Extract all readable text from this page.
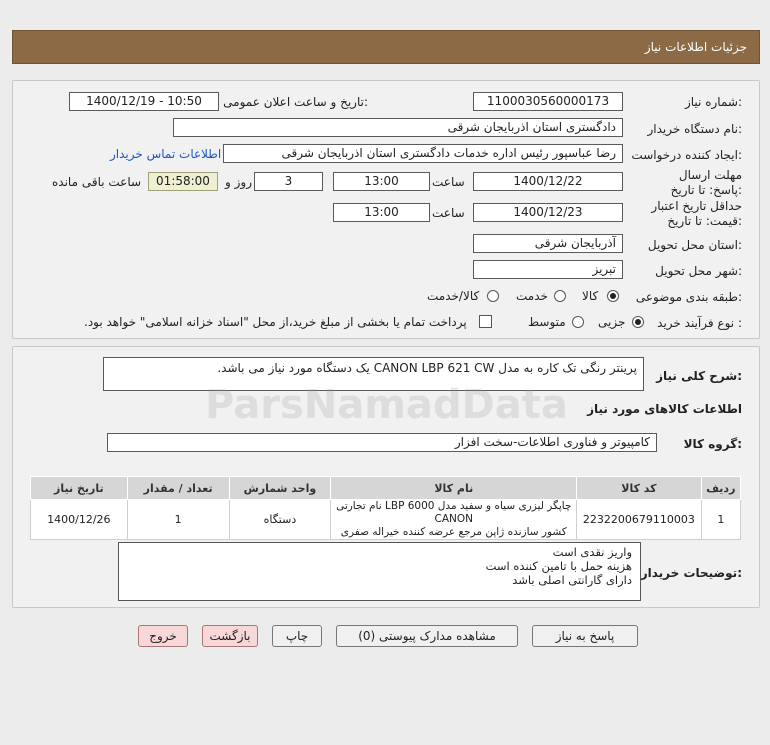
جزئیات اطلاعات نیاز
شماره نیاز:
1100030560000173
تاریخ و ساعت اعلان عمومی:
1400/12/19 - 10:50
نام دستگاه خریدار:
دادگستری استان اذربایجان شرقی
ایجاد کننده درخواست:
رضا عباسپور رئیس اداره خدمات دادگستری استان اذربایجان شرقی
اطلاعات تماس خریدار
مهلت ارسال پاسخ: تا تاریخ:
1400/12/22
ساعت
13:00
3
روز و
01:58:00
ساعت باقی مانده
حداقل تاریخ اعتبار قیمت: تا تاریخ:
1400/12/23
ساعت
13:00
استان محل تحویل:
آذربایجان شرقی
شهر محل تحویل:
تبریز
طبقه بندی موضوعی:
کالا
خدمت
کالا/خدمت
نوع فرآیند خرید :
جزیی
متوسط
پرداخت تمام یا بخشی از مبلغ خرید،از محل "اسناد خزانه اسلامی" خواهد بود.
شرح کلی نیاز:
پرینتر رنگی تک کاره به مدل CANON LBP 621 CW یک دستگاه مورد نیاز می باشد.
اطلاعات کالاهای مورد نیاز
گروه کالا:
کامپیوتر و فناوری اطلاعات-سخت افزار
تاریخ نیاز	تعداد / مقدار	واحد شمارش	نام کالا	کد کالا	ردیف
1400/12/26	1	دستگاه	چاپگر لیزری سیاه و سفید مدل LBP 6000 نام تجارتی CANON
کشور سازنده ژاپن مرجع عرضه کننده خیراله صفری	2232200679110003	1
توضیحات خریدار:
واریز نقدی است
هزینه حمل با تامین کننده است
دارای گارانتی اصلی باشد
پاسخ به نیاز
مشاهده مدارک پیوستی (0)
چاپ
بازگشت
خروج
ParsNamadData
